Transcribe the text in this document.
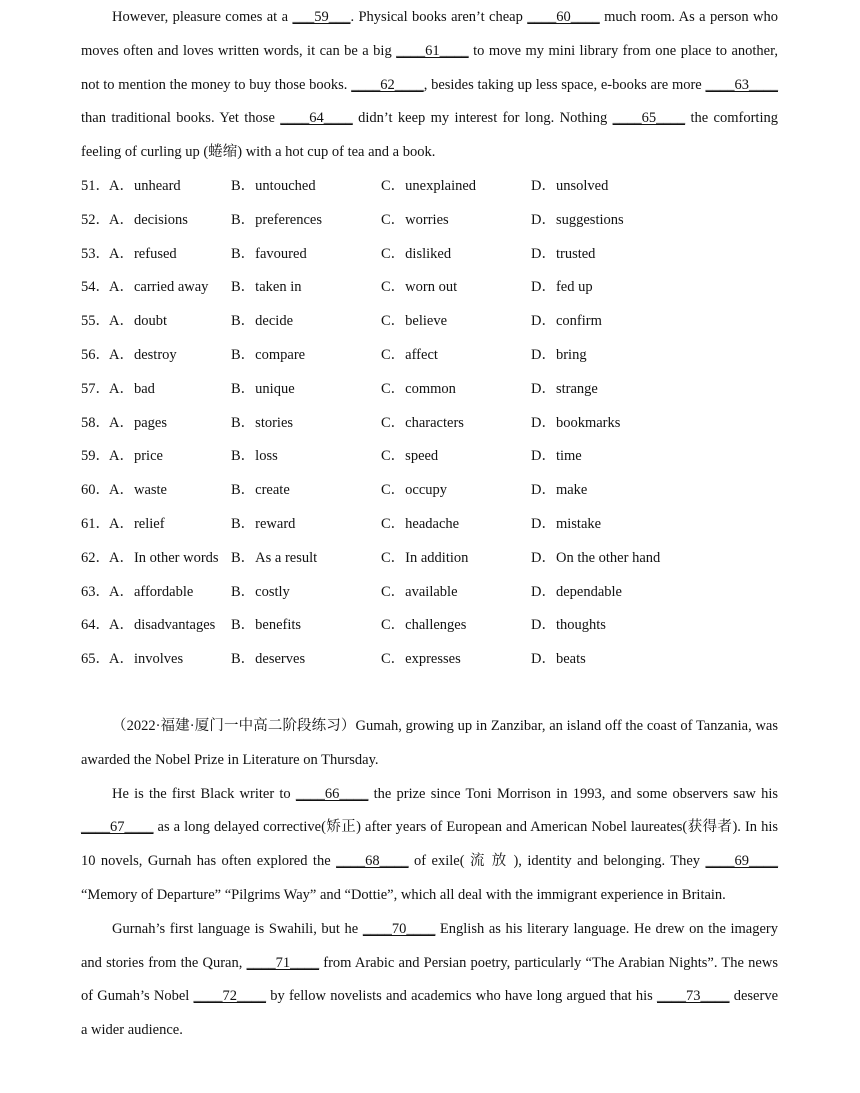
However, pleasure comes at a ___59___. Physical books aren’t cheap ____60____ much room. As a person who moves often and loves written words, it can be a big ____61____ to move my mini library from one place to another, not to mention the money to buy those books. ____62____, besides taking up less space, e-books are more ____63____ than traditional books. Yet those ____64____ didn’t keep my interest for long. Nothing ____65____ the comforting feeling of curling up (蜷缩) with a hot cup of tea and a book.

51．A．unheard	B．untouched	C．unexplained	D．unsolved
52．A．decisions	B．preferences	C．worries	D．suggestions
53．A．refused	B．favoured	C．disliked	D．trusted
54．A．carried away	B．taken in	C．worn out	D．fed up
55．A．doubt	B．decide	C．believe	D．confirm
56．A．destroy	B．compare	C．affect	D．bring
57．A．bad	B．unique	C．common	D．strange
58．A．pages	B．stories	C．characters	D．bookmarks
59．A．price	B．loss	C．speed	D．time
60．A．waste	B．create	C．occupy	D．make
61．A．relief	B．reward	C．headache	D．mistake
62．A．In other words B．As a result	C．In addition	D．On the other hand
63．A．affordable	B．costly	C．available	D．dependable
64．A．disadvantages	B．benefits	C．challenges	D．thoughts
65．A．involves	B．deserves	C．expresses	D．beats

（2022·福建·厦门一中高二阶段练习）Gumah, growing up in Zanzibar, an island off the coast of Tanzania, was awarded the Nobel Prize in Literature on Thursday.

He is the first Black writer to ____66____ the prize since Toni Morrison in 1993, and some observers saw his ____67____ as a long delayed corrective(矫正) after years of European and American Nobel laureates(获得者). In his 10 novels, Gurnah has often explored the ____68____ of exile( 流 放 ), identity and belonging. They ____69____ “Memory of Departure” “Pilgrims Way” and “Dottie”, which all deal with the immigrant experience in Britain.

Gurnah’s first language is Swahili, but he ____70____ English as his literary language. He drew on the imagery and stories from the Quran, ____71____ from Arabic and Persian poetry, particularly “The Arabian Nights”. The news of Gumah’s Nobel ____72____ by fellow novelists and academics who have long argued that his ____73____ deserve a wider audience.
